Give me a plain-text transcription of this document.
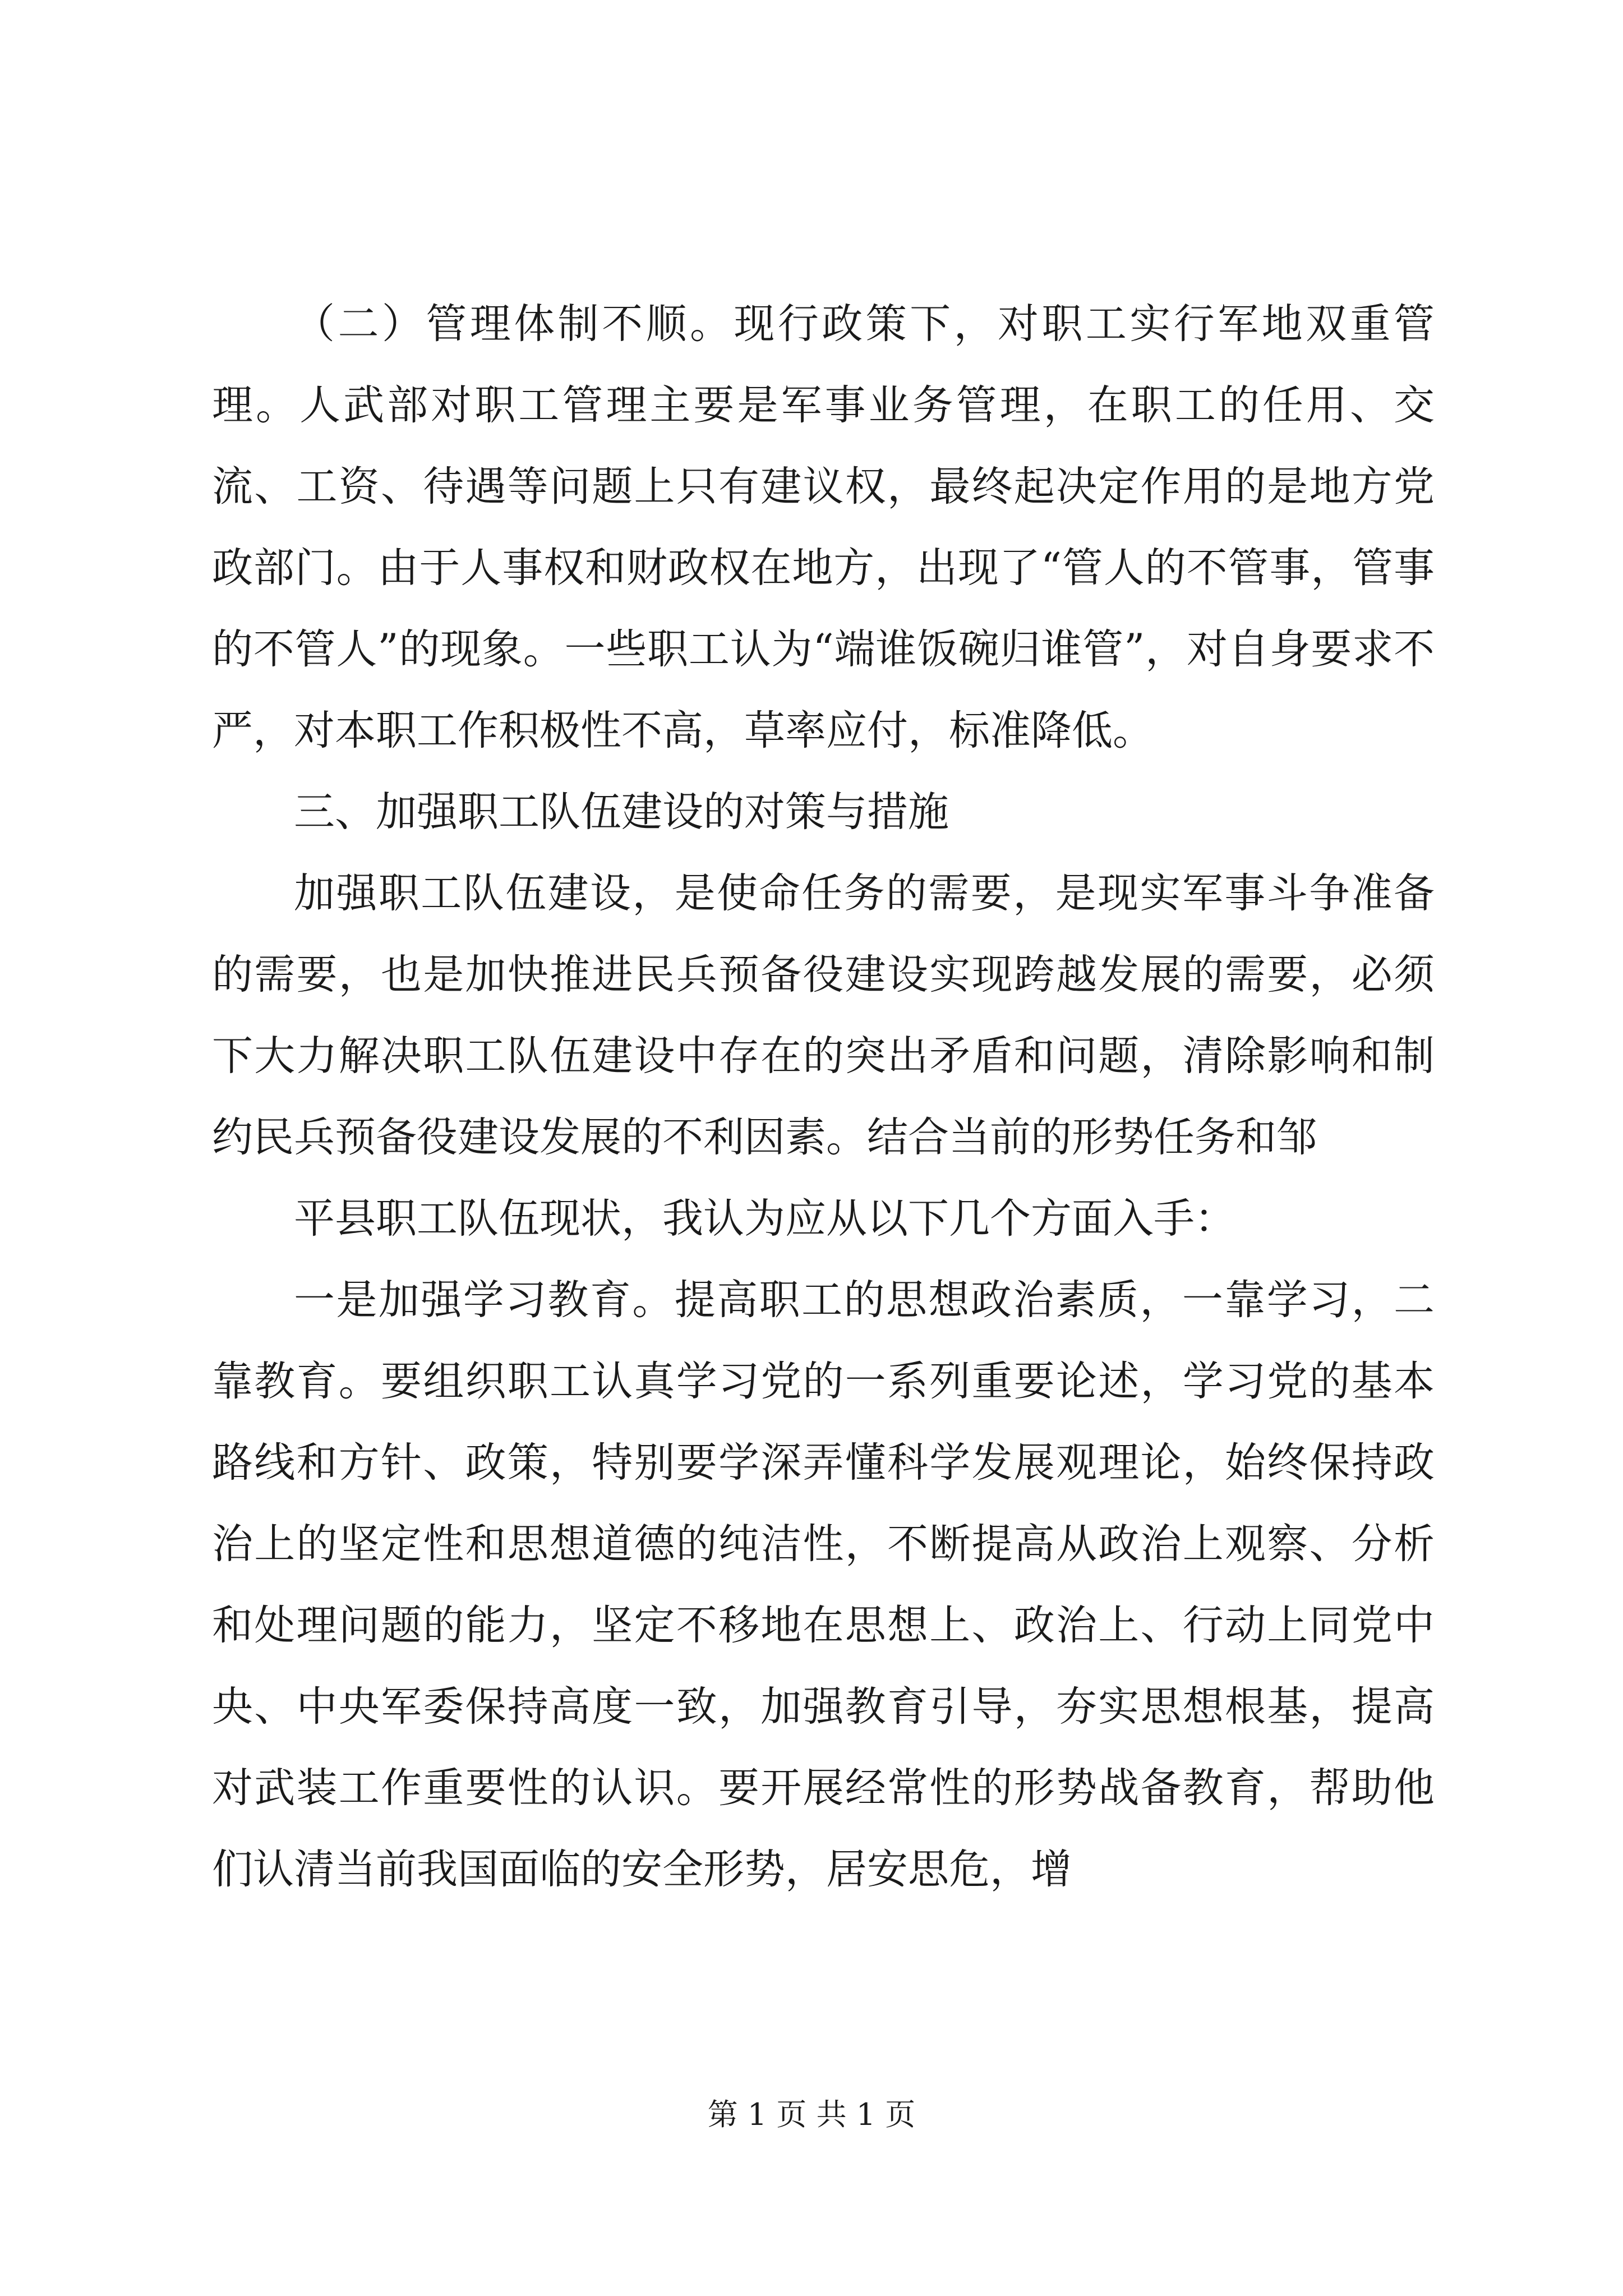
（二）管理体制不顺。现行政策下，对职工实行军地双重管理。人武部对职工管理主要是军事业务管理，在职工的任用、交流、工资、待遇等问题上只有建议权，最终起决定作用的是地方党政部门。由于人事权和财政权在地方，出现了“管人的不管事，管事的不管人”的现象。一些职工认为“端谁饭碗归谁管”，对自身要求不严，对本职工作积极性不高，草率应付，标准降低。

三、加强职工队伍建设的对策与措施

加强职工队伍建设，是使命任务的需要，是现实军事斗争准备的需要，也是加快推进民兵预备役建设实现跨越发展的需要，必须下大力解决职工队伍建设中存在的突出矛盾和问题，清除影响和制约民兵预备役建设发展的不利因素。结合当前的形势任务和邹

平县职工队伍现状，我认为应从以下几个方面入手：

一是加强学习教育。提高职工的思想政治素质，一靠学习，二靠教育。要组织职工认真学习党的一系列重要论述，学习党的基本路线和方针、政策，特别要学深弄懂科学发展观理论，始终保持政治上的坚定性和思想道德的纯洁性，不断提高从政治上观察、分析和处理问题的能力，坚定不移地在思想上、政治上、行动上同党中央、中央军委保持高度一致，加强教育引导，夯实思想根基，提高对武装工作重要性的认识。要开展经常性的形势战备教育，帮助他们认清当前我国面临的安全形势，居安思危，增

第 1 页 共 1 页
